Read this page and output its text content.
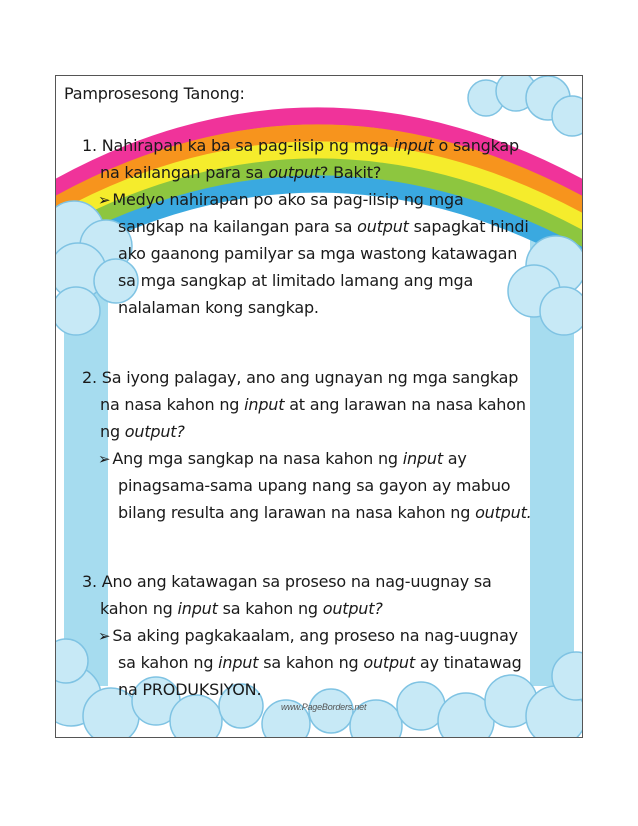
Pamprosesong Tanong:
1. Nahirapan ka ba sa pag-iisip ng mga input o sangkap
na kailangan para sa output? Bakit?
➢ Medyo nahirapan po ako sa pag-iisip ng mga
sangkap na kailangan para sa output sapagkat hindi
ako gaanong pamilyar sa mga wastong katawagan
sa mga sangkap at limitado lamang ang mga
nalalaman kong sangkap.
2. Sa iyong palagay, ano ang ugnayan ng mga sangkap
na nasa kahon ng input at ang larawan na nasa kahon
ng output?
➢ Ang mga sangkap na nasa kahon ng input ay
pinagsama-sama upang nang sa gayon ay mabuo
bilang resulta ang larawan na nasa kahon ng output.
3. Ano ang katawagan sa proseso na nag-uugnay sa
kahon ng input sa kahon ng output?
➢ Sa aking pagkakaalam, ang proseso na nag-uugnay
sa kahon ng input sa kahon ng output ay tinatawag
na PRODUKSIYON.
www.PageBorders.net
